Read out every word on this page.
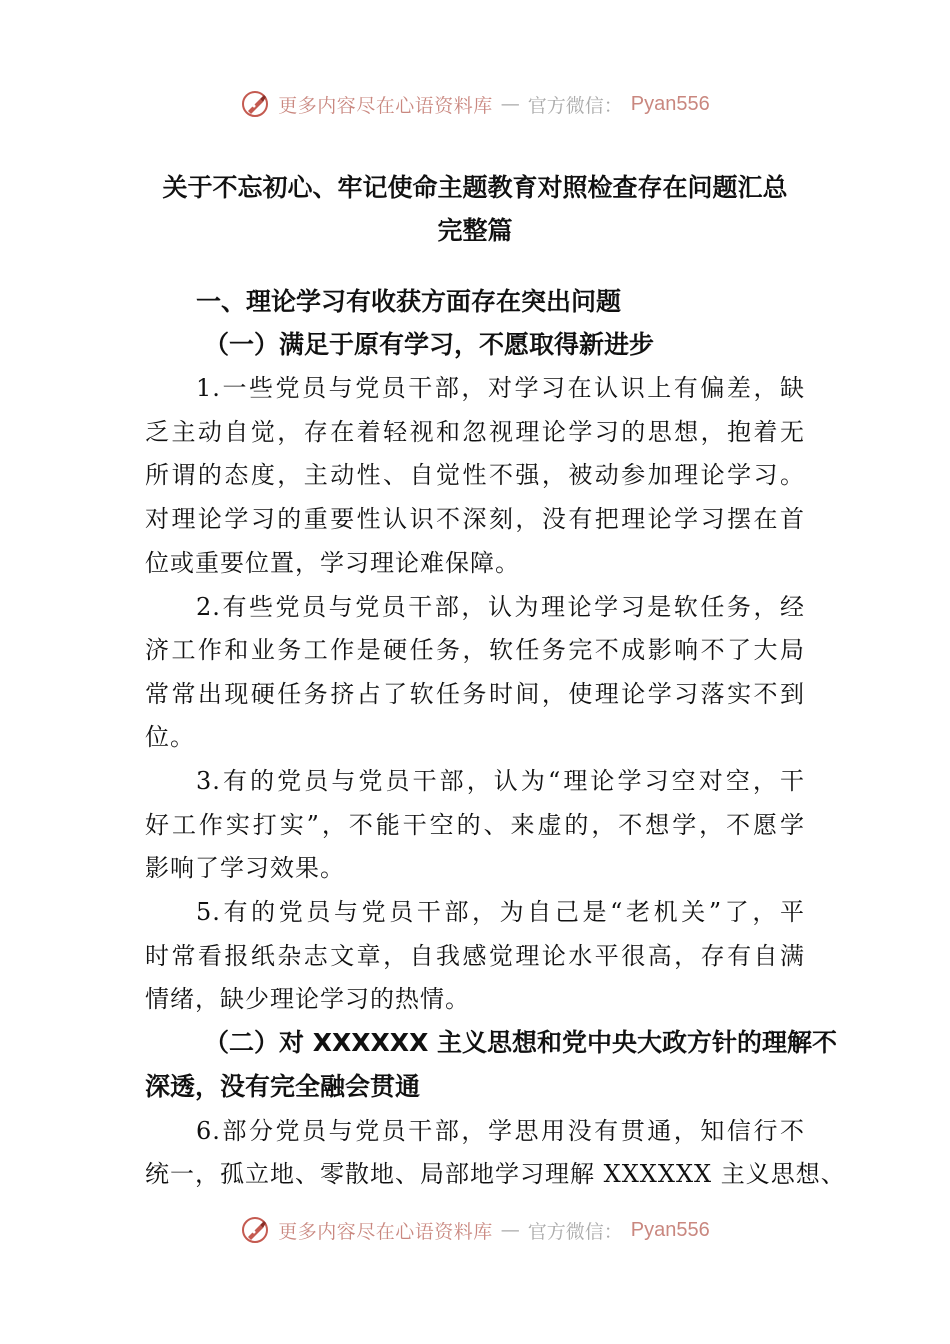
更多内容尽在心语资料库 — 官方微信： Pyan556
关于不忘初心、牢记使命主题教育对照检查存在问题汇总
完整篇
一、理论学习有收获方面存在突出问题
（一）满足于原有学习，不愿取得新进步
1.一些党员与党员干部，对学习在认识上有偏差，缺
乏主动自觉，存在着轻视和忽视理论学习的思想，抱着无
所谓的态度，主动性、自觉性不强，被动参加理论学习。
对理论学习的重要性认识不深刻，没有把理论学习摆在首
位或重要位置，学习理论难保障。
2.有些党员与党员干部，认为理论学习是软任务，经
济工作和业务工作是硬任务，软任务完不成影响不了大局
常常出现硬任务挤占了软任务时间，使理论学习落实不到
位。
3.有的党员与党员干部，认为“理论学习空对空，干
好工作实打实”，不能干空的、来虚的，不想学，不愿学
影响了学习效果。
5.有的党员与党员干部，为自己是“老机关”了，平
时常看报纸杂志文章，自我感觉理论水平很高，存有自满
情绪，缺少理论学习的热情。
（二）对 XXXXXX 主义思想和党中央大政方针的理解不
深透，没有完全融会贯通
6.部分党员与党员干部，学思用没有贯通，知信行不
统一，孤立地、零散地、局部地学习理解 XXXXXX 主义思想、
更多内容尽在心语资料库 — 官方微信： Pyan556
